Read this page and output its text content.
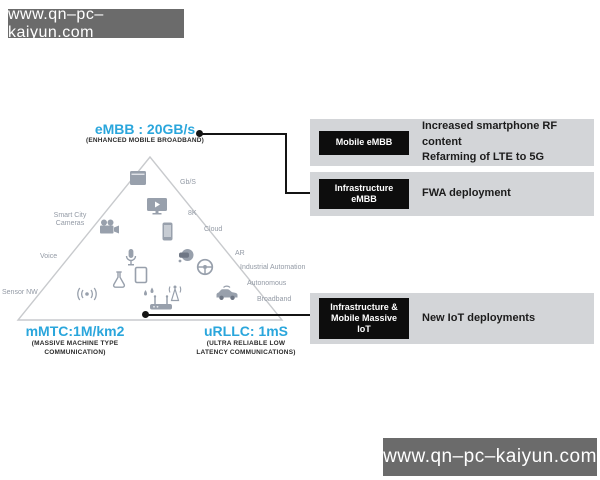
www.qn–pc–kaiyun.com
www.qn–pc–kaiyun.com
eMBB : 20GB/s
(ENHANCED MOBILE BROADBAND)
mMTC:1M/km2
(MASSIVE MACHINE TYPE COMMUNICATION)
uRLLC: 1mS
(ULTRA RELIABLE LOW LATENCY COMMUNICATIONS)
Gb/S
8K
Smart City Cameras
Cloud
Voice	AR
Industrial Automation
Sensor NW
Autonomous
Broadband
Mobile eMBB
Increased smartphone RF content
Refarming of LTE to 5G
Infrastructure eMBB	FWA deployment
Infrastructure & Mobile Massive IoT
New IoT deployments
